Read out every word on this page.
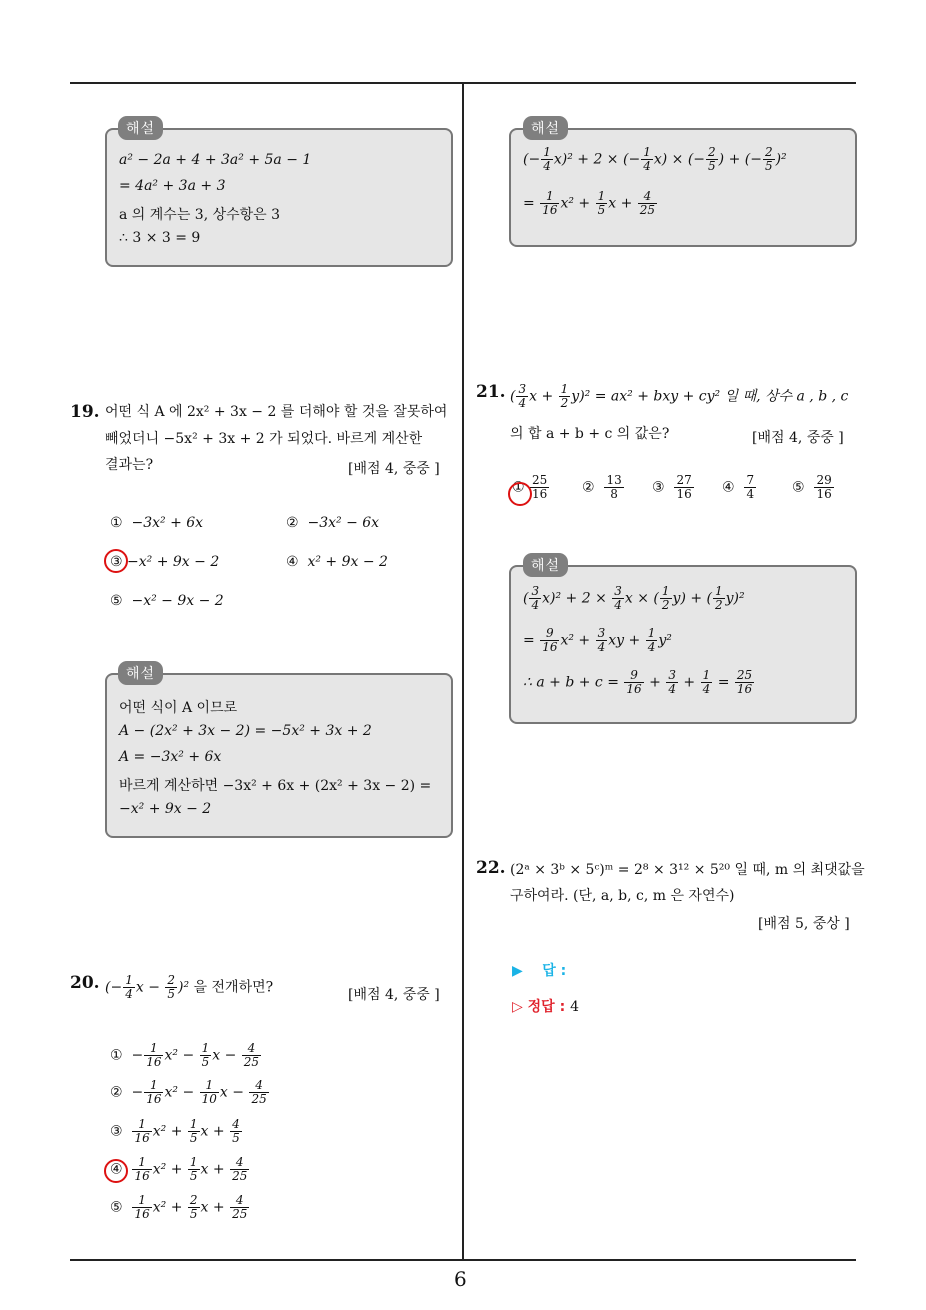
6
a² − 2a + 4 + 3a² + 5a − 1
= 4a² + 3a + 3
a 의 계수는 3, 상수항은 3
∴ 3 × 3 = 9
해설
19. 어떤 식 A 에 2x² + 3x − 2 를 더해야 할 것을 잘못하여
빼었더니 −5x² + 3x + 2 가 되었다. 바르게 계산한
결과는?	[배점 4, 중중 ]
① −3x² + 6x	② −3x² − 6x
③ −x² + 9x − 2	④ x² + 9x − 2
⑤ −x² − 9x − 2
어떤 식이 A 이므로
A − (2x² + 3x − 2) = −5x² + 3x + 2
A = −3x² + 6x
바르게 계산하면 −3x² + 6x + (2x² + 3x − 2) =
−x² + 9x − 2
해설
20. (− $\frac{1}{4}$ $x - \frac{2}{5} )^2$ 을 전개하면?	[배점 4, 중중 ]
①  − $\frac{1}{16} x^2 - \frac{1}{5}$ $x - \frac{4}{25}$
②  − $\frac{1}{16} x^2 - \frac{1}{10}$ $x - \frac{4}{25}$
③ $\frac{1}{16} x^2 + \frac{1}{5}$ $x + \frac{4}{5}$
④ $\frac{1}{16} x^2 + \frac{1}{5}$ $x + \frac{4}{25}$
⑤ $\frac{1}{16} x^2 + \frac{2}{5}$ $x + \frac{4}{25}$
(− $\frac{1}{4} x)^2 + 2$ × (− $\frac{1}{4} x$) × (− $\frac{2}{5}$ ) + (− $\frac{2}{5} )^2$
= $\frac{1}{16} x^2 + \frac{1}{5}$ $x + \frac{4}{25}$
해설
21. ( $\frac{3}{4}$ $x + \frac{1}{2} y)^2 = ax^2$ + bxy + cy² 일 때, 상수 a , b , c
의 합 a + b + c 의 값은?	[배점 4, 중중 ]
① $\frac{25}{16}$ ② $\frac{13}{8}$ ③ $\frac{27}{16}$ ④ $\frac{7}{4}$	⑤ $\frac{29}{16}$
( $\frac{3}{4} x)^2 + 2 \times \frac{3}{4}$ x × ( $\frac{1}{2} y$) + ( $\frac{1}{2} y)^2$
= $\frac{9}{16} x^2 + \frac{3}{4}$ xy + $\frac{1}{4} y^2$
∴ $a + b + c = \frac{9}{16} + \frac{3}{4} + \frac{1}{4} = \frac{25}{16}$
해설
22. (2ᵃ × 3ᵇ × 5ᶜ)ᵐ = 2⁸ × 3¹² × 5²⁰ 일 때, m 의 최댓값을
구하여라. (단, a, b, c, m 은 자연수)
[배점 5, 중상 ]
▶ 답 :
▷ 정답 : 4
